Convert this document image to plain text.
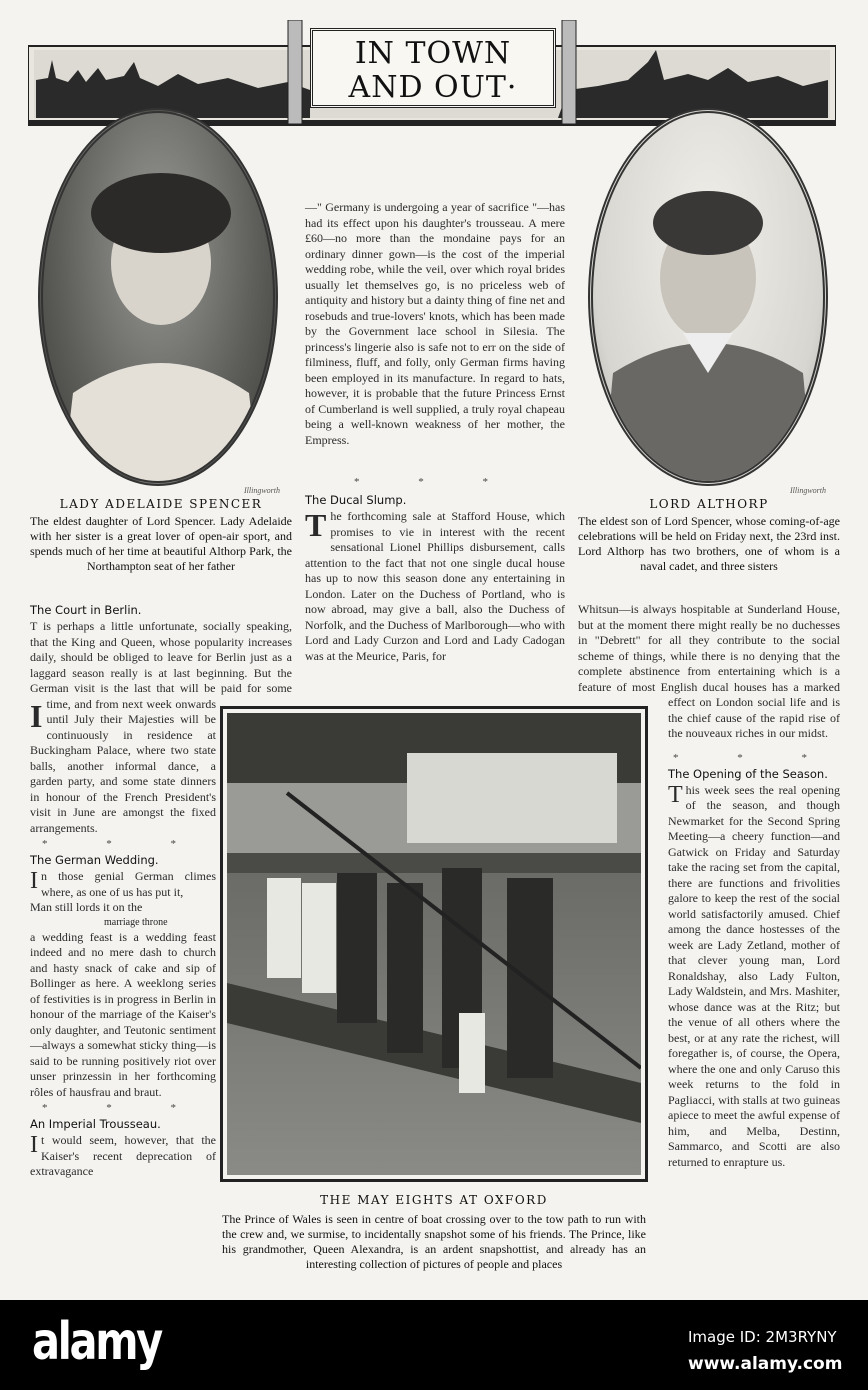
IN TOWN
AND OUT·
Illingworth	Illingworth
LADY ADELAIDE SPENCER
The eldest daughter of Lord Spencer. Lady Adelaide with her sister is a great lover of open-air sport, and spends much of her time at beautiful Althorp Park, the Northampton seat of her father
LORD ALTHORP
The eldest son of Lord Spencer, whose coming-of-age celebrations will be held on Friday next, the 23rd inst. Lord Althorp has two brothers, one of whom is a naval cadet, and three sisters
—" Germany is undergoing a year of sacrifice "—has had its effect upon his daughter's trousseau. A mere £60—no more than the mondaine pays for an ordinary dinner gown—is the cost of the imperial wedding robe, while the veil, over which royal brides usually let themselves go, is no priceless web of antiquity and history but a dainty thing of fine net and rosebuds and true-lovers' knots, which has been made by the Government lace school in Silesia. The princess's lingerie also is safe not to err on the side of filminess, fluff, and folly, only German firms having been employed in its manufacture. In regard to hats, however, it is probable that the future Princess Ernst of Cumberland is well supplied, a truly royal chapeau being a well-known weakness of her mother, the Empress.
* * *
The Ducal Slump.
The forthcoming sale at Stafford House, which promises to vie in interest with the recent sensational Lionel Phillips disbursement, calls attention to the fact that not one single ducal house has up to now this season done any entertaining in London. Later on the Duchess of Portland, who is now abroad, may give a ball, also the Duchess of Norfolk, and the Duchess of Marlborough—who with Lord and Lady Curzon and Lord and Lady Cadogan was at the Meurice, Paris, for
The Court in Berlin.
I
T is perhaps a little unfortunate, socially speaking, that the King and Queen, whose popularity increases daily, should be obliged to leave for Berlin just as a laggard season really is at last beginning. But the German visit is the last that will be paid for some time, and from next week onwards until July their Majesties will be continuously in residence at Buckingham Palace, where two state balls, another informal dance, a garden party, and some state dinners in honour of the French President's visit in June are amongst the fixed arrangements.
* * *
The German Wedding.
In those genial German climes where, as one of us has put it,
Man still lords it on the
marriage throne
a wedding feast is a wedding feast indeed and no mere dash to church and hasty snack of cake and sip of Bollinger as here. A weeklong series of festivities is in progress in Berlin in honour of the marriage of the Kaiser's only daughter, and Teutonic sentiment—always a somewhat sticky thing—is said to be running positively riot over unser prinzessin in her forthcoming rôles of hausfrau and braut.
* * *
An Imperial Trousseau.
It would seem, however, that the Kaiser's recent deprecation of extravagance
Whitsun—is always hospitable at Sunderland House, but at the moment there might really be no duchesses in "Debrett" for all they contribute to the social scheme of things, while there is no denying that the complete abstinence from entertaining which is a feature of most English ducal houses has a marked effect on London social life and is the chief cause of the rapid rise of the nouveaux riches in our midst.
* * *
The Opening of the Season.
This week sees the real opening of the season, and though Newmarket for the Second Spring Meeting—a cheery function—and Gatwick on Friday and Saturday take the racing set from the capital, there are functions and frivolities galore to keep the rest of the social world satisfactorily amused. Chief among the dance hostesses of the week are Lady Zetland, mother of that clever young man, Lord Ronaldshay, also Lady Fulton, Lady Waldstein, and Mrs. Mashiter, whose dance was at the Ritz; but the venue of all others where the best, or at any rate the richest, will foregather is, of course, the Opera, where the one and only Caruso this week returns to the fold in Pagliacci, with stalls at two guineas apiece to meet the awful expense of him, and Melba, Destinn, Sammarco, and Scotti are also returned to enrapture us.
THE MAY EIGHTS AT OXFORD
The Prince of Wales is seen in centre of boat crossing over to the tow path to run with the crew and, we surmise, to incidentally snapshot some of his friends. The Prince, like his grandmother, Queen Alexandra, is an ardent snapshottist, and already has an interesting collection of pictures of people and places
alamy	Image ID: 2M3RYNY
www.alamy.com
